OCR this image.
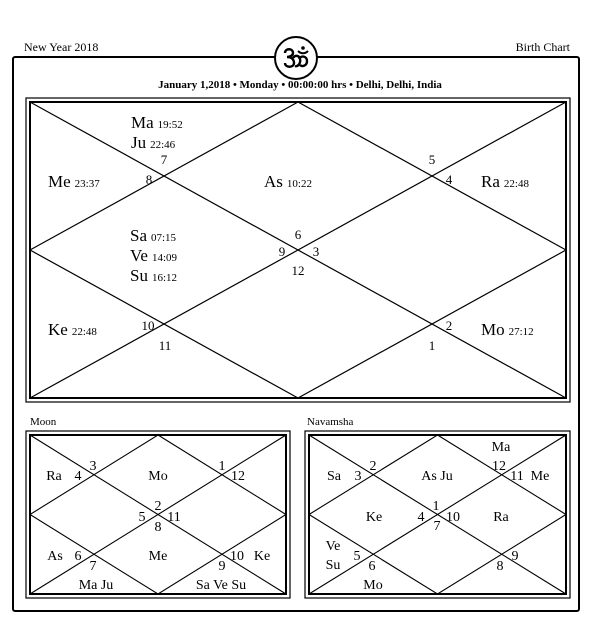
New Year 2018	Birth Chart
January 1,2018 • Monday • 00:00:00 hrs • Delhi, Delhi, India
7
8
5
4
6
9 3
12
10
11
2
1
Ma 19:52
Ju 22:46
Me 23:37	As 10:22	Ra 22:48
Sa 07:15
Ve 14:09
Su 16:12
Ke 22:48	Mo 27:12
Moon
Ra 4
3
Mo
1
12
2
5 11
8
As 6
7
Me
9
10 Ke
Ma Ju	Sa Ve Su
Navamsha
Ma
Sa 3
2
As Ju
12
11 Me
Ke	4
1
10
7
Ra
Ve
Su
5
6
Mo
8
9
